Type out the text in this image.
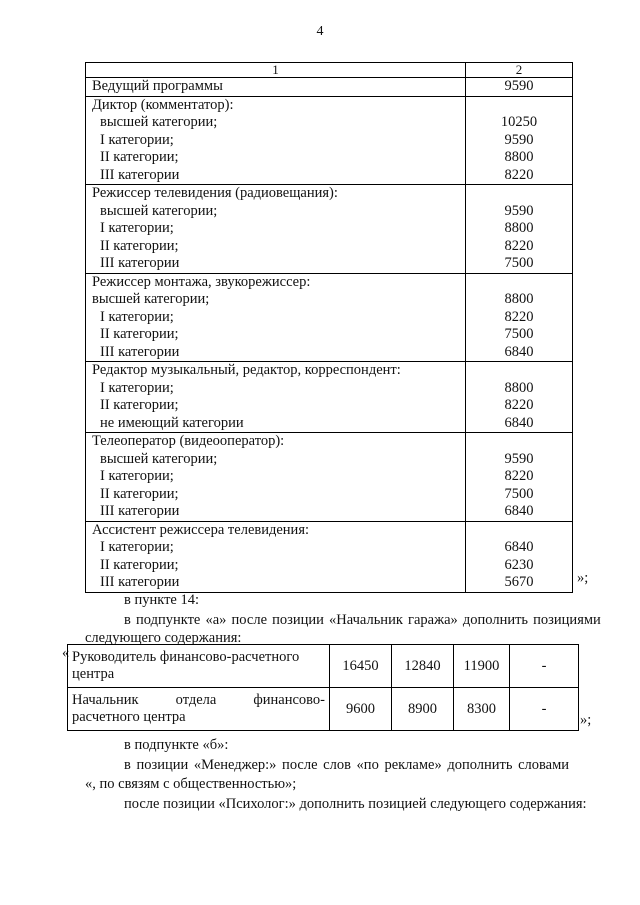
4
1	2
Ведущий программы	9590
Диктор (комментатор):	
высшей категории;	10250
I категории;	9590
II категории;	8800
III категории	8220
Режиссер телевидения (радиовещания):	
высшей категории;	9590
I категории;	8800
II категории;	8220
III категории	7500
Режиссер монтажа, звукорежиссер:	
высшей категории;	8800
I категории;	8220
II категории;	7500
III категории	6840
Редактор музыкальный, редактор, корреспондент:	
I категории;	8800
II категории;	8220
не имеющий категории	6840
Телеоператор (видеооператор):	
высшей категории;	9590
I категории;	8220
II категории;	7500
III категории	6840
Ассистент режиссера телевидения:	
I категории;	6840
II категории;	6230
III категории	5670	»;
в пункте 14:
в подпункте «а» после позиции «Начальник гаража» дополнить позициями
следующего содержания:
« Руководитель финансово-расчетного
центра	16450	12840	11900	-

Начальник отдела финансово-
расчетного центра	9600	8900	8300	-
»;
в подпункте «б»:
в позиции «Менеджер:» после слов «по рекламе» дополнить словами
«, по связям с общественностью»;
после позиции «Психолог:» дополнить позицией следующего содержания:
